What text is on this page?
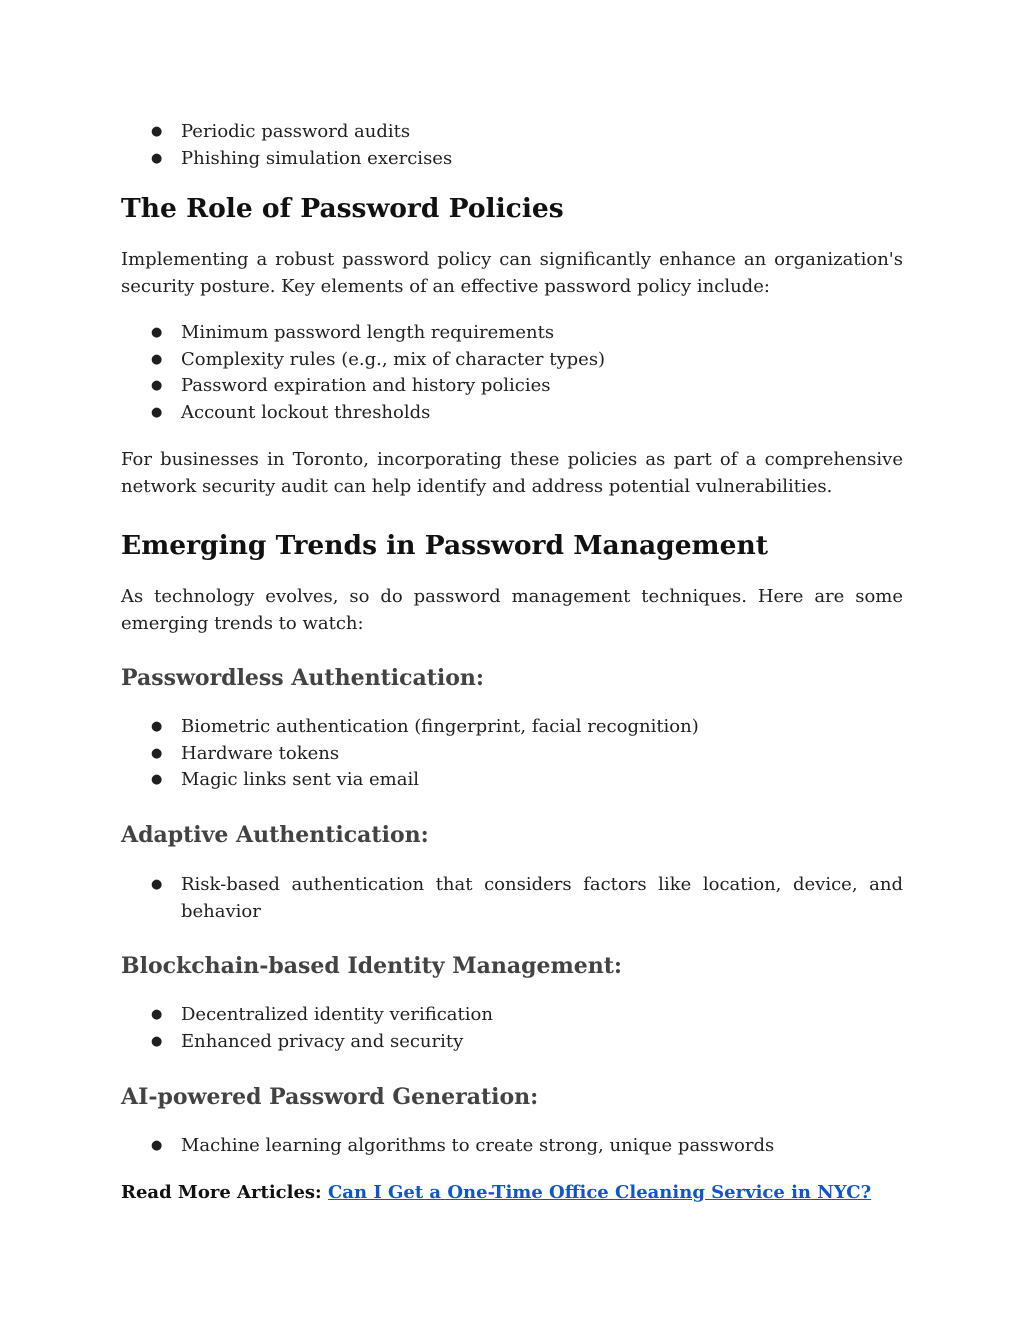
● Periodic password audits
● Phishing simulation exercises
The Role of Password Policies

Implementing a robust password policy can significantly enhance an organization's security posture. Key elements of an effective password policy include:

● Minimum password length requirements
● Complexity rules (e.g., mix of character types)
● Password expiration and history policies
● Account lockout thresholds

For businesses in Toronto, incorporating these policies as part of a comprehensive network security audit can help identify and address potential vulnerabilities.

Emerging Trends in Password Management

As technology evolves, so do password management techniques. Here are some emerging trends to watch:

Passwordless Authentication:
● Biometric authentication (fingerprint, facial recognition)
● Hardware tokens
● Magic links sent via email
Adaptive Authentication:
● Risk-based authentication that considers factors like location, device, and behavior
Blockchain-based Identity Management:
● Decentralized identity verification
● Enhanced privacy and security
AI-powered Password Generation:
● Machine learning algorithms to create strong, unique passwords
Read More Articles: Can I Get a One-Time Office Cleaning Service in NYC?
